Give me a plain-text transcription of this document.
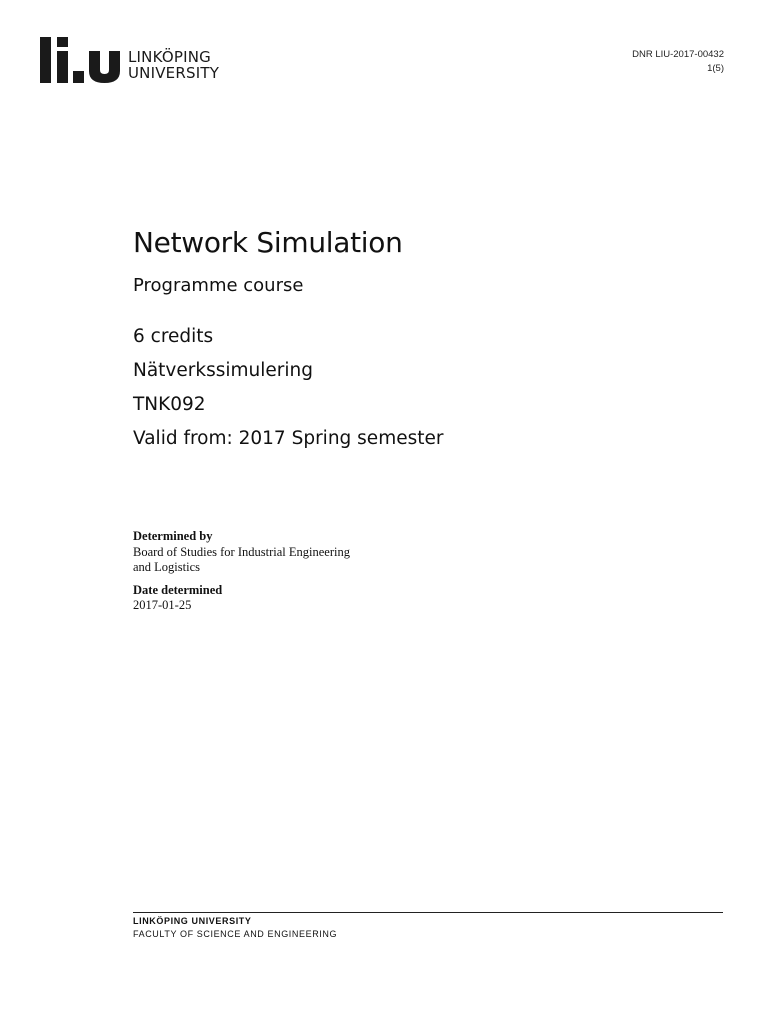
LINKÖPING
UNIVERSITY
DNR LIU-2017-00432
1(5)
Network Simulation
Programme course
6 credits
Nätverkssimulering
TNK092
Valid from: 2017 Spring semester
Determined by
Board of Studies for Industrial Engineering
and Logistics
Date determined
2017-01-25
LINKÖPING UNIVERSITY
FACULTY OF SCIENCE AND ENGINEERING
